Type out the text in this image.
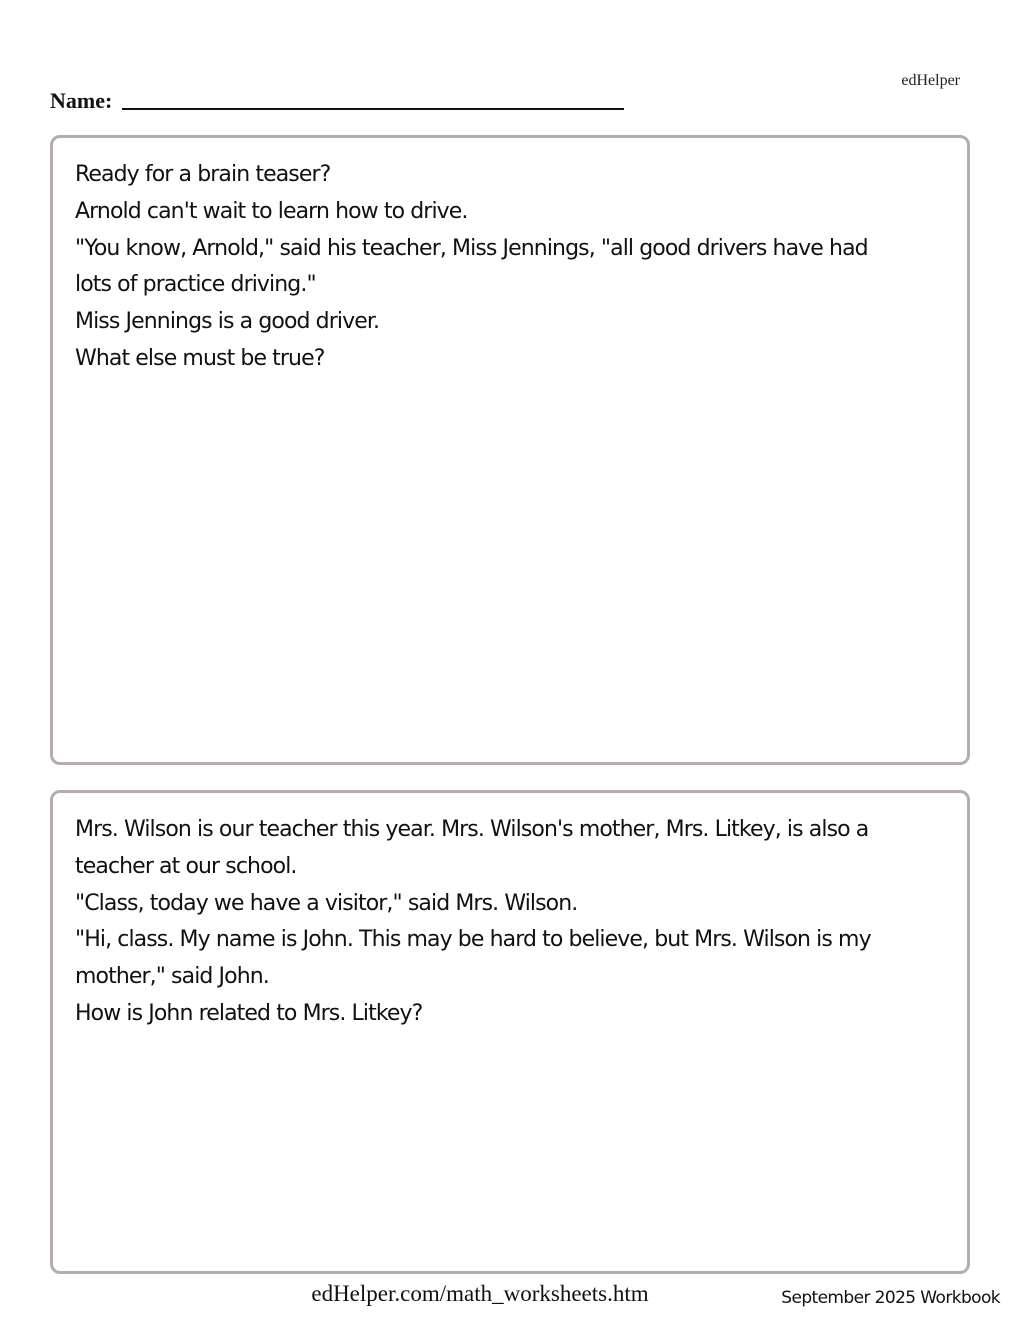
edHelper
Name:

Ready for a brain teaser?

Arnold can't wait to learn how to drive.

"You know, Arnold," said his teacher, Miss Jennings, "all good drivers have had

lots of practice driving."

Miss Jennings is a good driver.

What else must be true?

Mrs. Wilson is our teacher this year. Mrs. Wilson's mother, Mrs. Litkey, is also a

teacher at our school.

"Class, today we have a visitor," said Mrs. Wilson.

"Hi, class. My name is John. This may be hard to believe, but Mrs. Wilson is my

mother," said John.

How is John related to Mrs. Litkey?

edHelper.com/math_worksheets.htm	September 2025 Workbook
